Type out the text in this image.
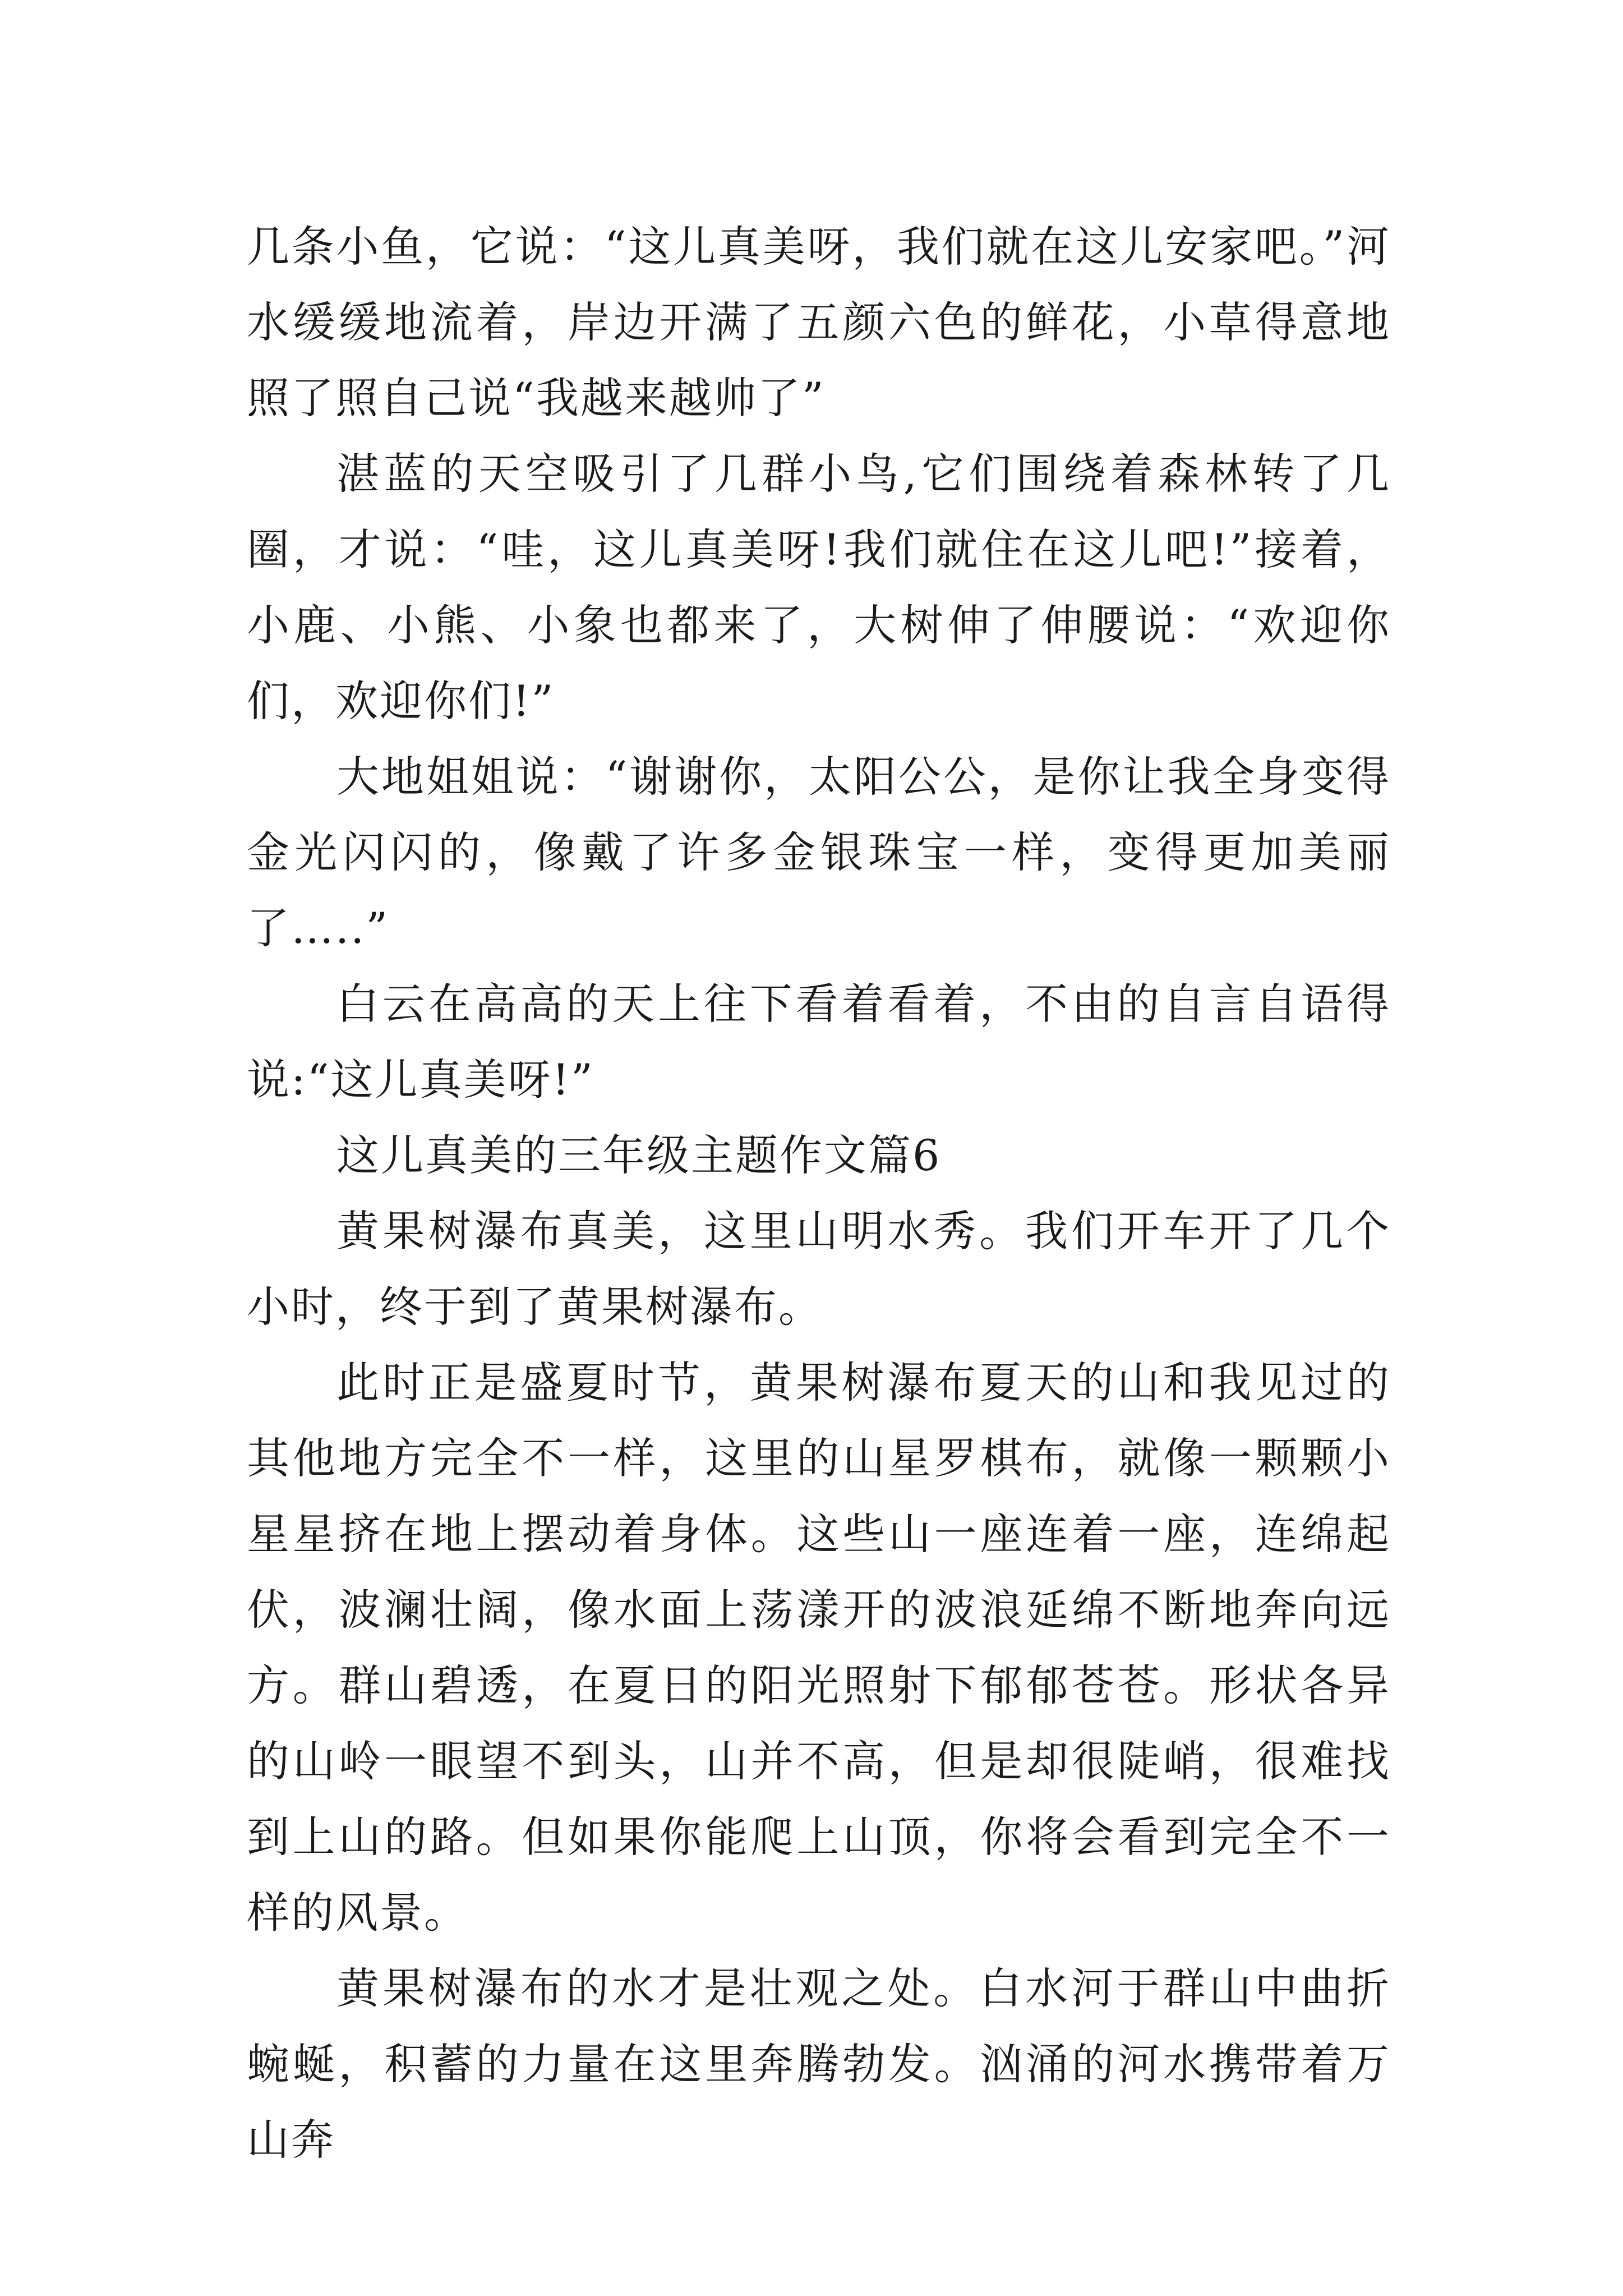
几条小鱼，它说：“这儿真美呀，我们就在这儿安家吧。”河水缓缓地流着，岸边开满了五颜六色的鲜花，小草得意地照了照自己说“我越来越帅了”

湛蓝的天空吸引了几群小鸟,它们围绕着森林转了几圈，才说：“哇，这儿真美呀!我们就住在这儿吧!”接着，小鹿、小熊、小象也都来了，大树伸了伸腰说：“欢迎你们，欢迎你们!”

大地姐姐说：“谢谢你，太阳公公，是你让我全身变得金光闪闪的，像戴了许多金银珠宝一样，变得更加美丽了…..”

白云在高高的天上往下看着看着，不由的自言自语得说:“这儿真美呀!”

这儿真美的三年级主题作文篇6

黄果树瀑布真美，这里山明水秀。我们开车开了几个小时，终于到了黄果树瀑布。

此时正是盛夏时节，黄果树瀑布夏天的山和我见过的其他地方完全不一样，这里的山星罗棋布，就像一颗颗小星星挤在地上摆动着身体。这些山一座连着一座，连绵起伏，波澜壮阔，像水面上荡漾开的波浪延绵不断地奔向远方。群山碧透，在夏日的阳光照射下郁郁苍苍。形状各异的山岭一眼望不到头，山并不高，但是却很陡峭，很难找到上山的路。但如果你能爬上山顶，你将会看到完全不一样的风景。

黄果树瀑布的水才是壮观之处。白水河于群山中曲折蜿蜒，积蓄的力量在这里奔腾勃发。汹涌的河水携带着万山奔
